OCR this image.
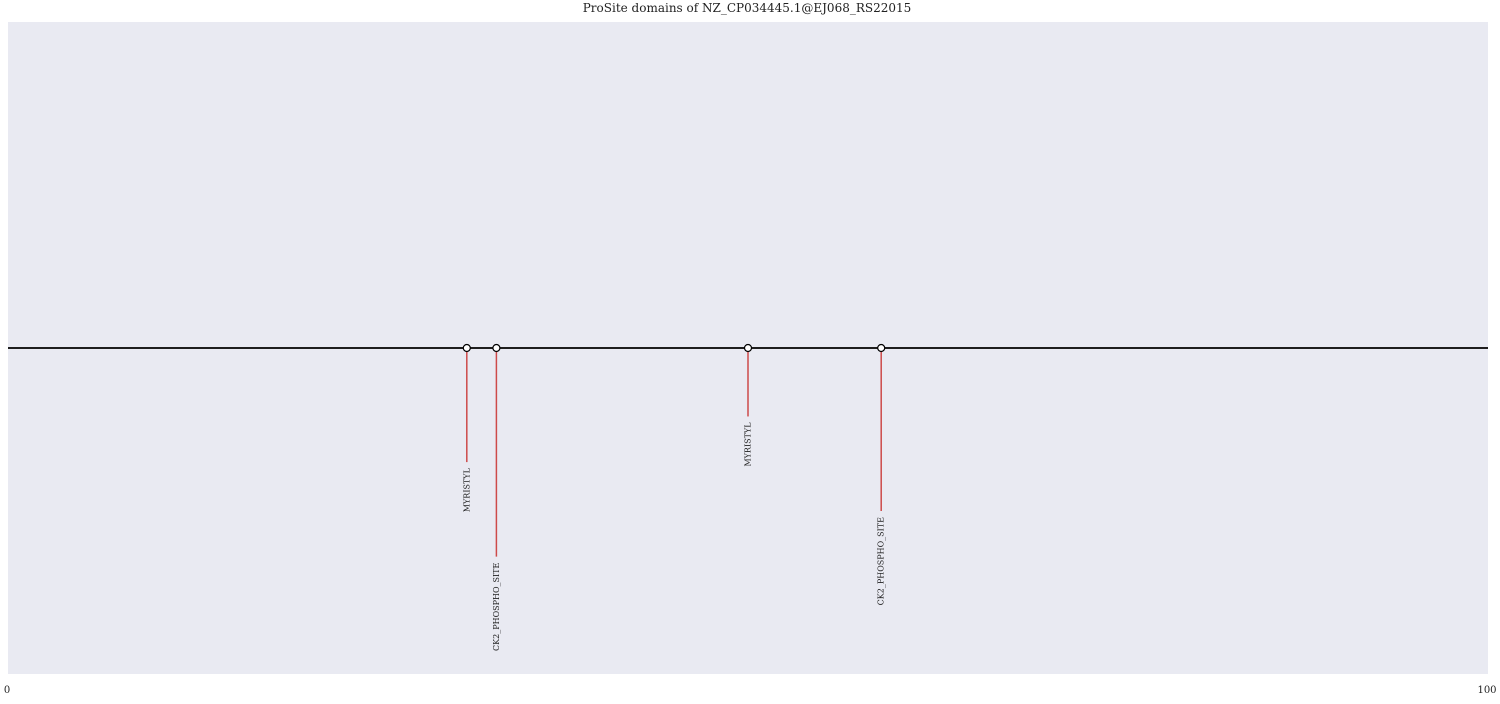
ProSite domains of NZ_CP034445.1@EJ068_RS22015
MYRISTYL
CK2_PHOSPHO_SITE
MYRISTYL
CK2_PHOSPHO_SITE
0	100
